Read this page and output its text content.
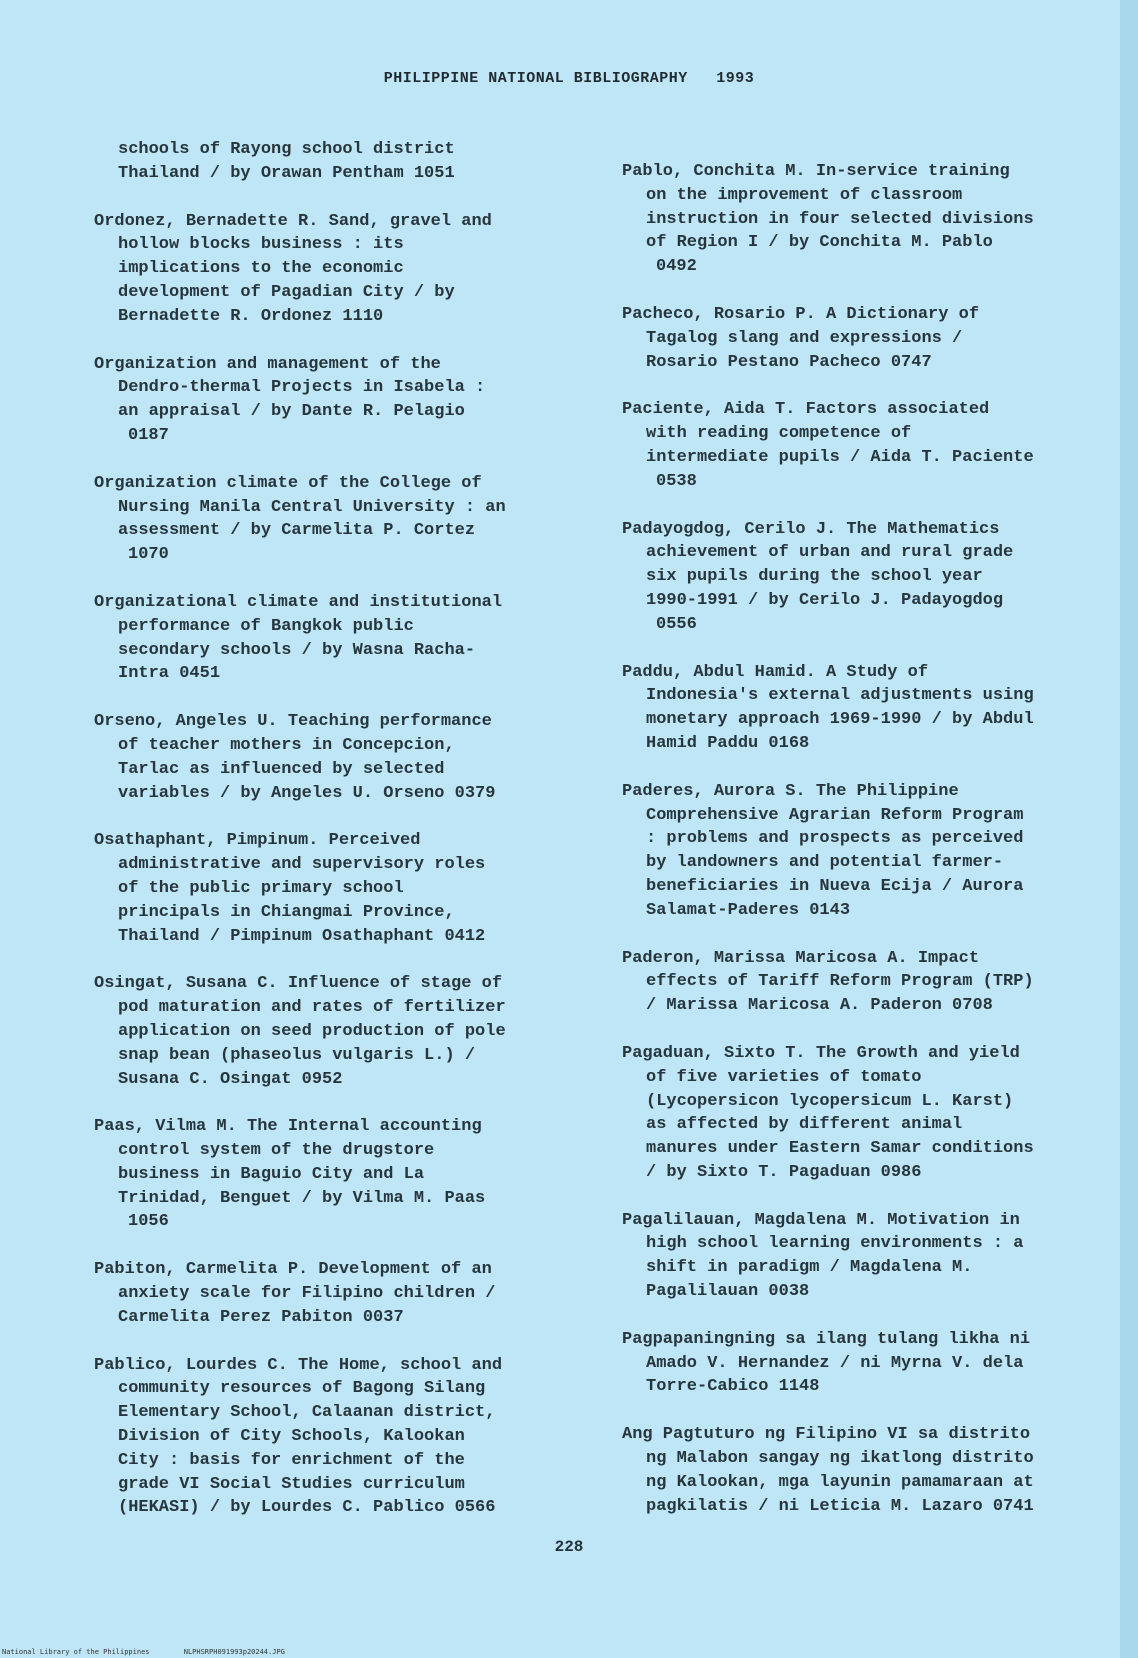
PHILIPPINE NATIONAL BIBLIOGRAPHY 1993
schools of Rayong school district
Thailand / by Orawan Pentham 1051
Ordonez, Bernadette R. Sand, gravel and
hollow blocks business : its
implications to the economic
development of Pagadian City / by
Bernadette R. Ordonez 1110
Organization and management of the
Dendro-thermal Projects in Isabela :
an appraisal / by Dante R. Pelagio
0187
Organization climate of the College of
Nursing Manila Central University : an
assessment / by Carmelita P. Cortez
1070
Organizational climate and institutional
performance of Bangkok public
secondary schools / by Wasna Racha-
Intra 0451
Orseno, Angeles U. Teaching performance
of teacher mothers in Concepcion,
Tarlac as influenced by selected
variables / by Angeles U. Orseno 0379
Osathaphant, Pimpinum. Perceived
administrative and supervisory roles
of the public primary school
principals in Chiangmai Province,
Thailand / Pimpinum Osathaphant 0412
Osingat, Susana C. Influence of stage of
pod maturation and rates of fertilizer
application on seed production of pole
snap bean (phaseolus vulgaris L.) /
Susana C. Osingat 0952
Paas, Vilma M. The Internal accounting
control system of the drugstore
business in Baguio City and La
Trinidad, Benguet / by Vilma M. Paas
1056
Pabiton, Carmelita P. Development of an
anxiety scale for Filipino children /
Carmelita Perez Pabiton 0037
Pablico, Lourdes C. The Home, school and
community resources of Bagong Silang
Elementary School, Calaanan district,
Division of City Schools, Kalookan
City : basis for enrichment of the
grade VI Social Studies curriculum
(HEKASI) / by Lourdes C. Pablico 0566
Pablo, Conchita M. In-service training
on the improvement of classroom
instruction in four selected divisions
of Region I / by Conchita M. Pablo
0492
Pacheco, Rosario P. A Dictionary of
Tagalog slang and expressions /
Rosario Pestano Pacheco 0747
Paciente, Aida T. Factors associated
with reading competence of
intermediate pupils / Aida T. Paciente
0538
Padayogdog, Cerilo J. The Mathematics
achievement of urban and rural grade
six pupils during the school year
1990-1991 / by Cerilo J. Padayogdog
0556
Paddu, Abdul Hamid. A Study of
Indonesia's external adjustments using
monetary approach 1969-1990 / by Abdul
Hamid Paddu 0168
Paderes, Aurora S. The Philippine
Comprehensive Agrarian Reform Program
: problems and prospects as perceived
by landowners and potential farmer-
beneficiaries in Nueva Ecija / Aurora
Salamat-Paderes 0143
Paderon, Marissa Maricosa A. Impact
effects of Tariff Reform Program (TRP)
/ Marissa Maricosa A. Paderon 0708
Pagaduan, Sixto T. The Growth and yield
of five varieties of tomato
(Lycopersicon lycopersicum L. Karst)
as affected by different animal
manures under Eastern Samar conditions
/ by Sixto T. Pagaduan 0986
Pagalilauan, Magdalena M. Motivation in
high school learning environments : a
shift in paradigm / Magdalena M.
Pagalilauan 0038
Pagpapaningning sa ilang tulang likha ni
Amado V. Hernandez / ni Myrna V. dela
Torre-Cabico 1148
Ang Pagtuturo ng Filipino VI sa distrito
ng Malabon sangay ng ikatlong distrito
ng Kalookan, mga layunin pamamaraan at
pagkilatis / ni Leticia M. Lazaro 0741
228
National Library of the Philippines	NLPHSRPH091993p20244.JPG
